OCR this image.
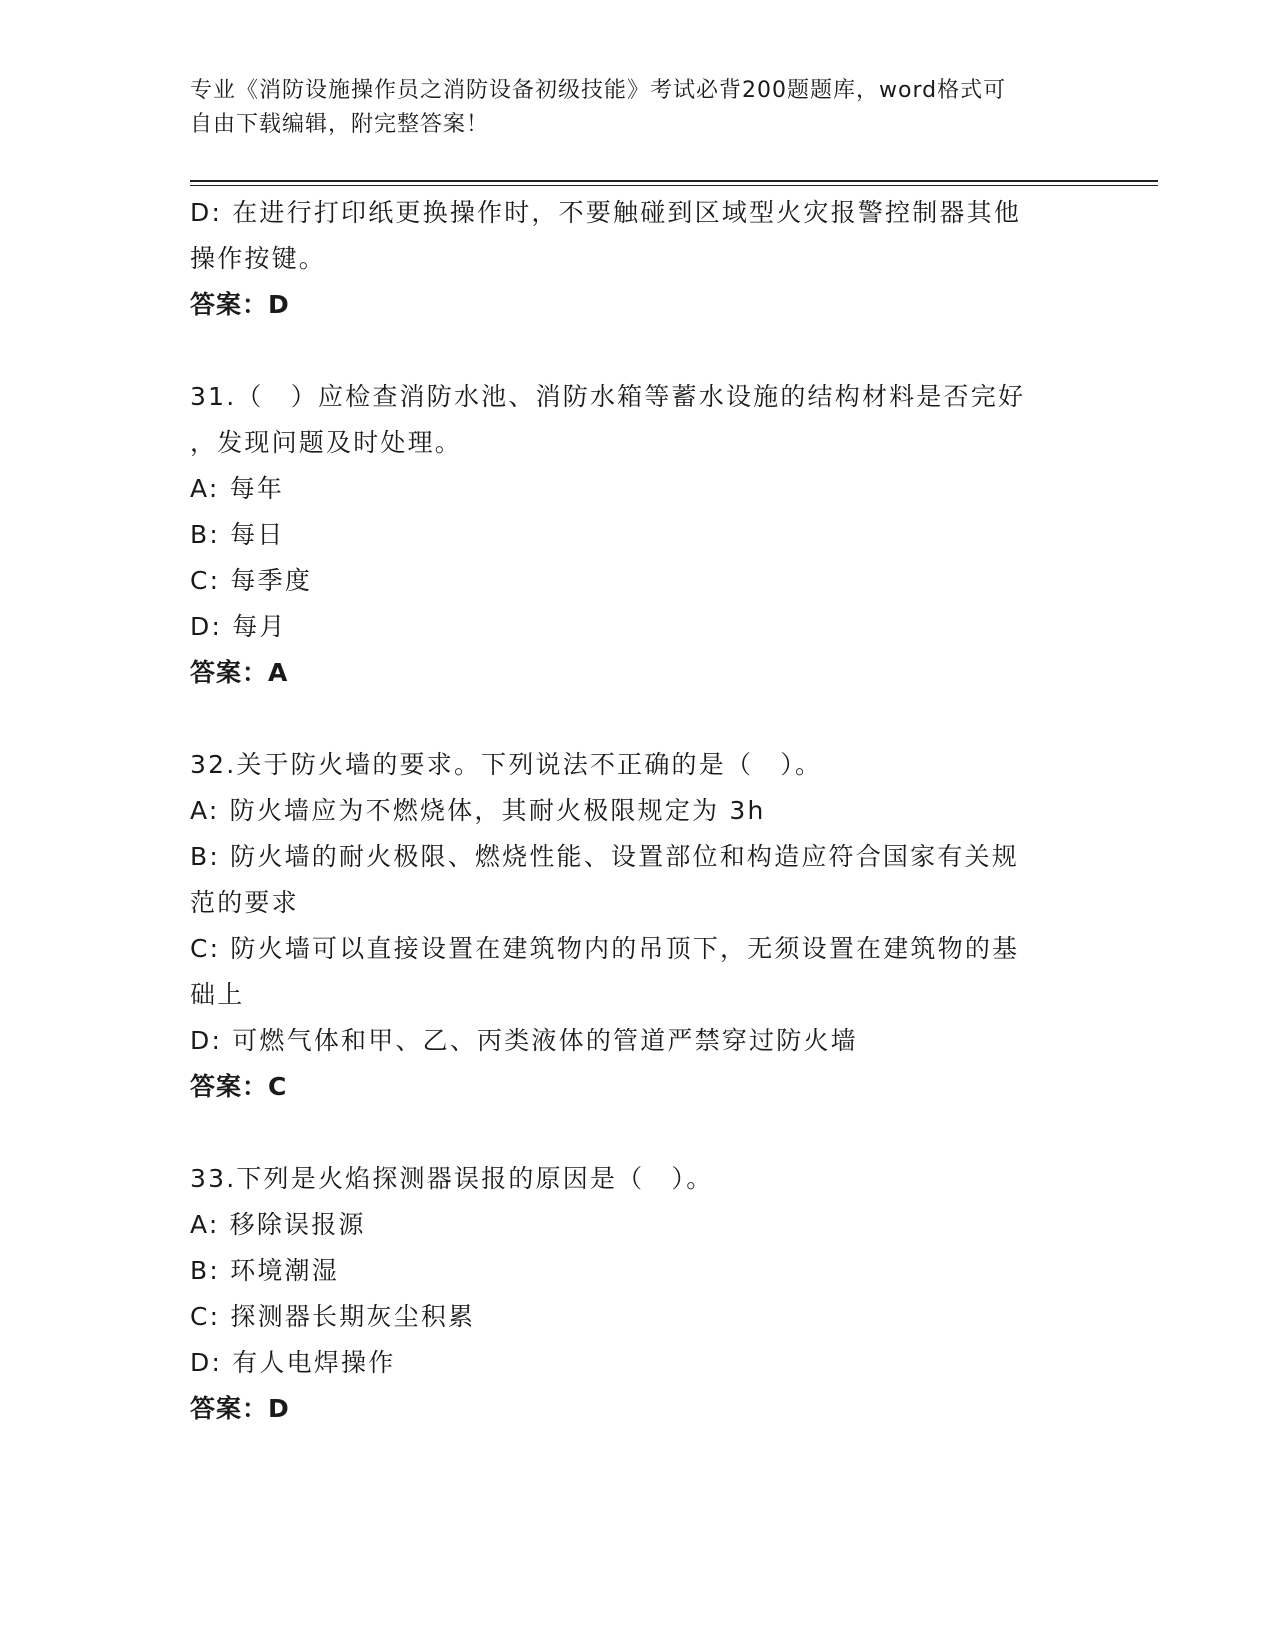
专业《消防设施操作员之消防设备初级技能》考试必背200题题库，word格式可
自由下载编辑，附完整答案！
D: 在进行打印纸更换操作时，不要触碰到区域型火灾报警控制器其他
操作按键。
答案：D
31.（　）应检查消防水池、消防水箱等蓄水设施的结构材料是否完好
，发现问题及时处理。
A: 每年
B: 每日
C: 每季度
D: 每月
答案：A
32.关于防火墙的要求。下列说法不正确的是（　）。
A: 防火墙应为不燃烧体，其耐火极限规定为 3h
B: 防火墙的耐火极限、燃烧性能、设置部位和构造应符合国家有关规
范的要求
C: 防火墙可以直接设置在建筑物内的吊顶下，无须设置在建筑物的基
础上
D: 可燃气体和甲、乙、丙类液体的管道严禁穿过防火墙
答案：C
33.下列是火焰探测器误报的原因是（　）。
A: 移除误报源
B: 环境潮湿
C: 探测器长期灰尘积累
D: 有人电焊操作
答案：D
